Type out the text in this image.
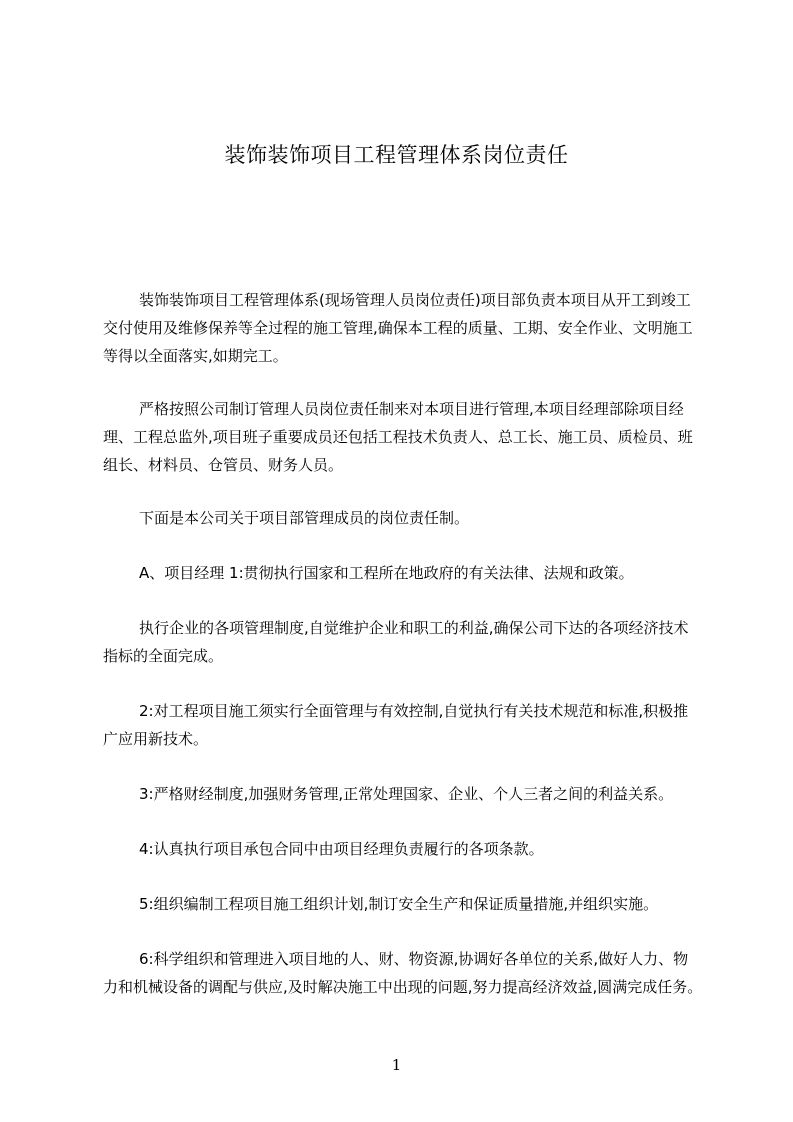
装饰装饰项目工程管理体系岗位责任

装饰装饰项目工程管理体系(现场管理人员岗位责任)项目部负责本项目从开工到竣工交付使用及维修保养等全过程的施工管理,确保本工程的质量、工期、安全作业、文明施工等得以全面落实,如期完工。

严格按照公司制订管理人员岗位责任制来对本项目进行管理,本项目经理部除项目经理、工程总监外,项目班子重要成员还包括工程技术负责人、总工长、施工员、质检员、班组长、材料员、仓管员、财务人员。

下面是本公司关于项目部管理成员的岗位责任制。

A、项目经理 1:贯彻执行国家和工程所在地政府的有关法律、法规和政策。

执行企业的各项管理制度,自觉维护企业和职工的利益,确保公司下达的各项经济技术指标的全面完成。

2:对工程项目施工须实行全面管理与有效控制,自觉执行有关技术规范和标准,积极推广应用新技术。

3:严格财经制度,加强财务管理,正常处理国家、企业、个人三者之间的利益关系。

4:认真执行项目承包合同中由项目经理负责履行的各项条款。

5:组织编制工程项目施工组织计划,制订安全生产和保证质量措施,并组织实施。

6:科学组织和管理进入项目地的人、财、物资源,协调好各单位的关系,做好人力、物力和机械设备的调配与供应,及时解决施工中出现的问题,努力提高经济效益,圆满完成任务。

1
